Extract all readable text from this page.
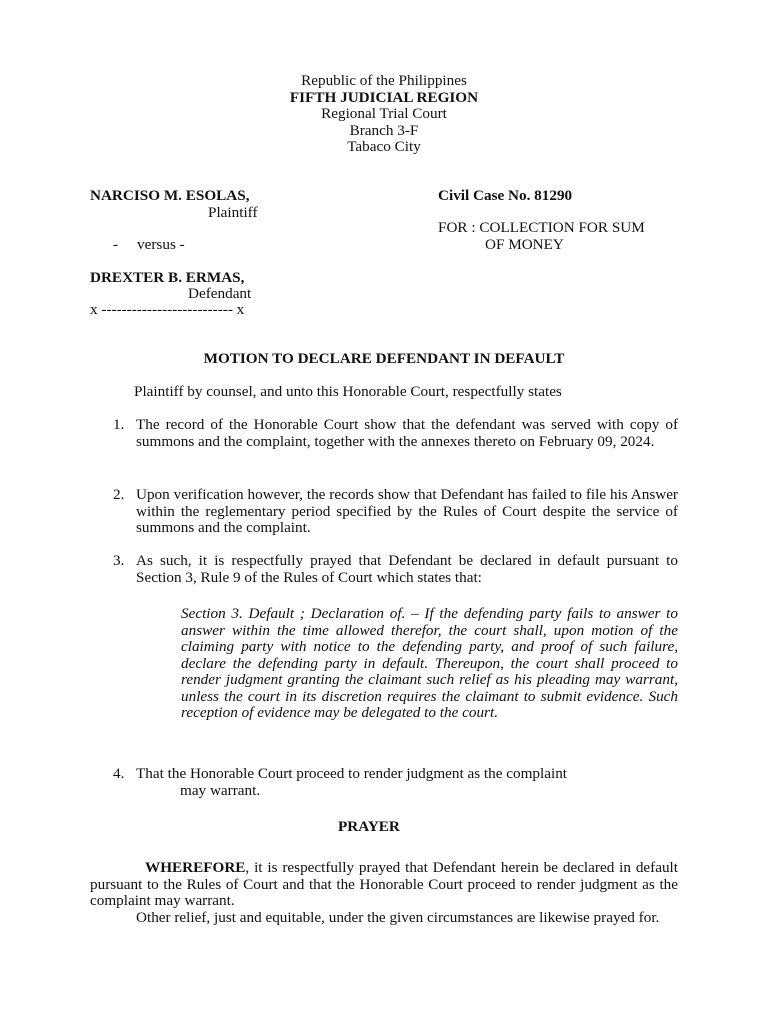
Republic of the Philippines
FIFTH JUDICIAL REGION
Regional Trial Court
Branch 3-F
Tabaco City
NARCISO M. ESOLAS,
Plaintiff
-     versus -
DREXTER B. ERMAS,
Defendant
x -------------------------- x
Civil Case No. 81290
FOR : COLLECTION FOR SUM
OF MONEY
MOTION TO DECLARE DEFENDANT IN DEFAULT
Plaintiff by counsel, and unto this Honorable Court, respectfully states
1. The record of the Honorable Court show that the defendant was served with copy of summons and the complaint, together with the annexes thereto on February 09, 2024.
2. Upon verification however, the records show that Defendant has failed to file his Answer within the reglementary period specified by the Rules of Court despite the service of summons and the complaint.
3. As such, it is respectfully prayed that Defendant be declared in default pursuant to Section 3, Rule 9 of the Rules of Court which states that:
Section 3. Default ; Declaration of. – If the defending party fails to answer to answer within the time allowed therefor, the court shall, upon motion of the claiming party with notice to the defending party, and proof of such failure, declare the defending party in default. Thereupon, the court shall proceed to render judgment granting the claimant such relief as his pleading may warrant, unless the court in its discretion requires the claimant to submit evidence. Such reception of evidence may be delegated to the court.
4. That the Honorable Court proceed to render judgment as the complaint
may warrant.
PRAYER
WHEREFORE, it is respectfully prayed that Defendant herein be declared in default pursuant to the Rules of Court and that the Honorable Court proceed to render judgment as the complaint may warrant.
Other relief, just and equitable, under the given circumstances are likewise prayed for.
